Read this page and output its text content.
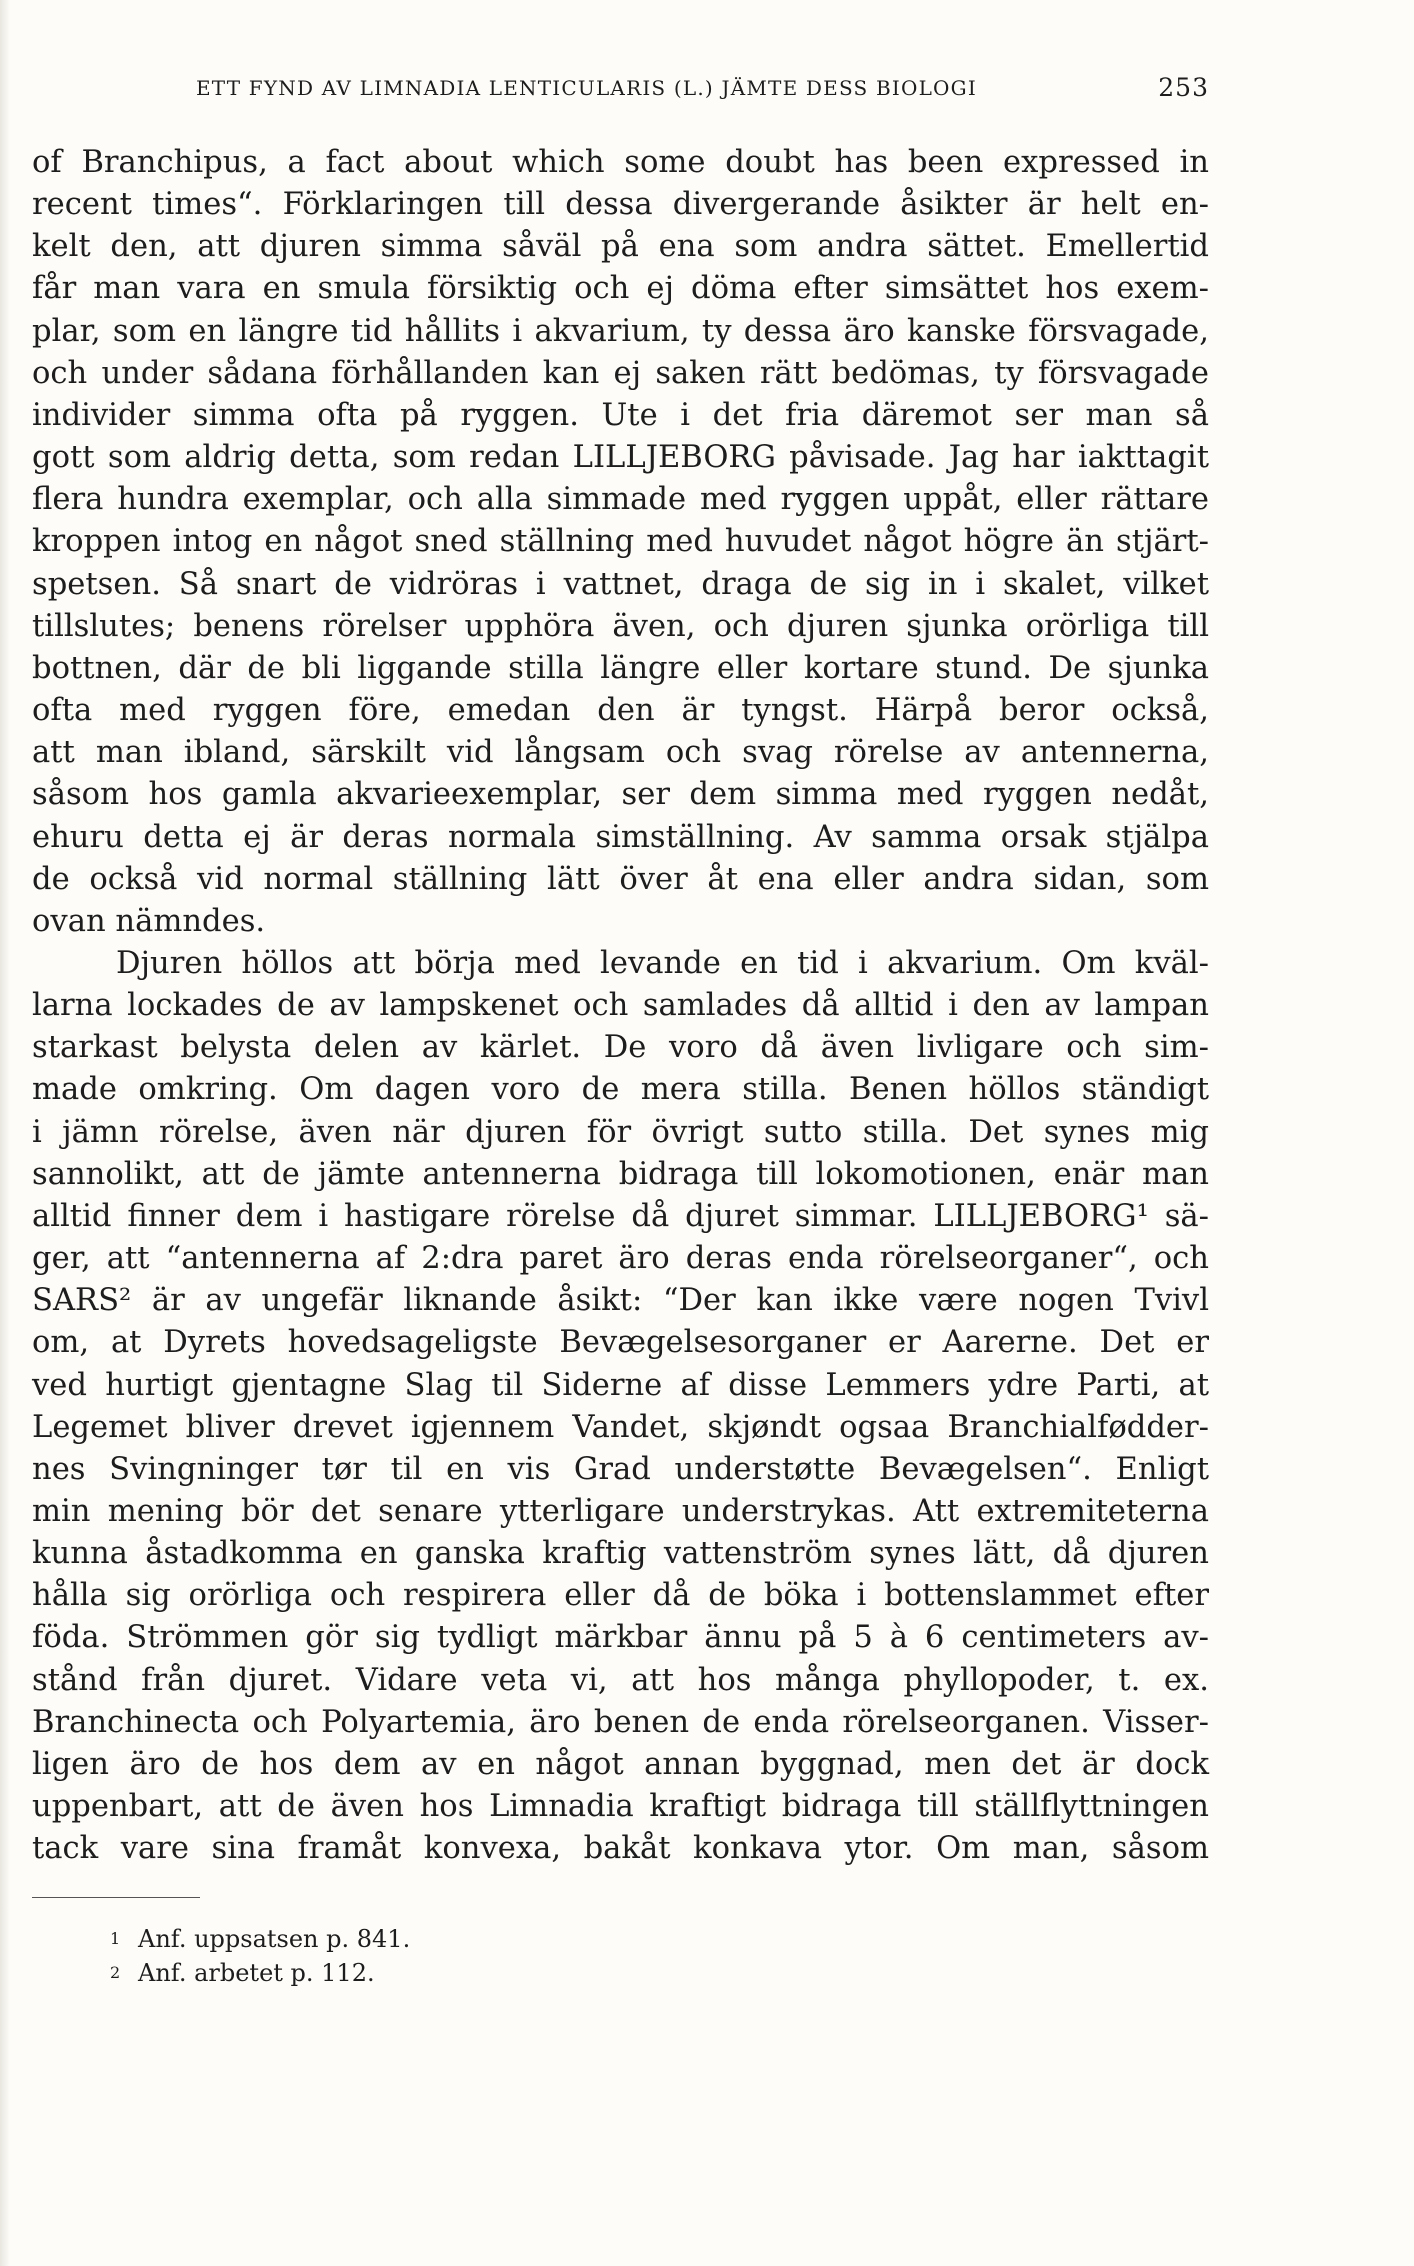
ETT FYND AV LIMNADIA LENTICULARIS (L.) JÄMTE DESS BIOLOGI	253
of Branchipus, a fact about which some doubt has been expressed in
recent times“. Förklaringen till dessa divergerande åsikter är helt en-
kelt den, att djuren simma såväl på ena som andra sättet. Emellertid
får man vara en smula försiktig och ej döma efter simsättet hos exem-
plar, som en längre tid hållits i akvarium, ty dessa äro kanske försvagade,
och under sådana förhållanden kan ej saken rätt bedömas, ty försvagade
individer simma ofta på ryggen. Ute i det fria däremot ser man så
gott som aldrig detta, som redan LILLJEBORG påvisade. Jag har iakttagit
flera hundra exemplar, och alla simmade med ryggen uppåt, eller rättare
kroppen intog en något sned ställning med huvudet något högre än stjärt-
spetsen. Så snart de vidröras i vattnet, draga de sig in i skalet, vilket
tillslutes; benens rörelser upphöra även, och djuren sjunka orörliga till
bottnen, där de bli liggande stilla längre eller kortare stund. De sjunka
ofta med ryggen före, emedan den är tyngst. Härpå beror också,
att man ibland, särskilt vid långsam och svag rörelse av antennerna,
såsom hos gamla akvarieexemplar, ser dem simma med ryggen nedåt,
ehuru detta ej är deras normala simställning. Av samma orsak stjälpa
de också vid normal ställning lätt över åt ena eller andra sidan, som
ovan nämndes.
Djuren höllos att börja med levande en tid i akvarium. Om kväl-
larna lockades de av lampskenet och samlades då alltid i den av lampan
starkast belysta delen av kärlet. De voro då även livligare och sim-
made omkring. Om dagen voro de mera stilla. Benen höllos ständigt
i jämn rörelse, även när djuren för övrigt sutto stilla. Det synes mig
sannolikt, att de jämte antennerna bidraga till lokomotionen, enär man
alltid finner dem i hastigare rörelse då djuret simmar. LILLJEBORG¹ sä-
ger, att “antennerna af 2:dra paret äro deras enda rörelseorganer“, och
SARS² är av ungefär liknande åsikt: “Der kan ikke være nogen Tvivl
om, at Dyrets hovedsageligste Bevægelsesorganer er Aarerne. Det er
ved hurtigt gjentagne Slag til Siderne af disse Lemmers ydre Parti, at
Legemet bliver drevet igjennem Vandet, skjøndt ogsaa Branchialfødder-
nes Svingninger tør til en vis Grad understøtte Bevægelsen“. Enligt
min mening bör det senare ytterligare understrykas. Att extremiteterna
kunna åstadkomma en ganska kraftig vattenström synes lätt, då djuren
hålla sig orörliga och respirera eller då de böka i bottenslammet efter
föda. Strömmen gör sig tydligt märkbar ännu på 5 à 6 centimeters av-
stånd från djuret. Vidare veta vi, att hos många phyllopoder, t. ex.
Branchinecta och Polyartemia, äro benen de enda rörelseorganen. Visser-
ligen äro de hos dem av en något annan byggnad, men det är dock
uppenbart, att de även hos Limnadia kraftigt bidraga till ställflyttningen
tack vare sina framåt konvexa, bakåt konkava ytor. Om man, såsom
1 Anf. uppsatsen p. 841.
2 Anf. arbetet p. 112.
